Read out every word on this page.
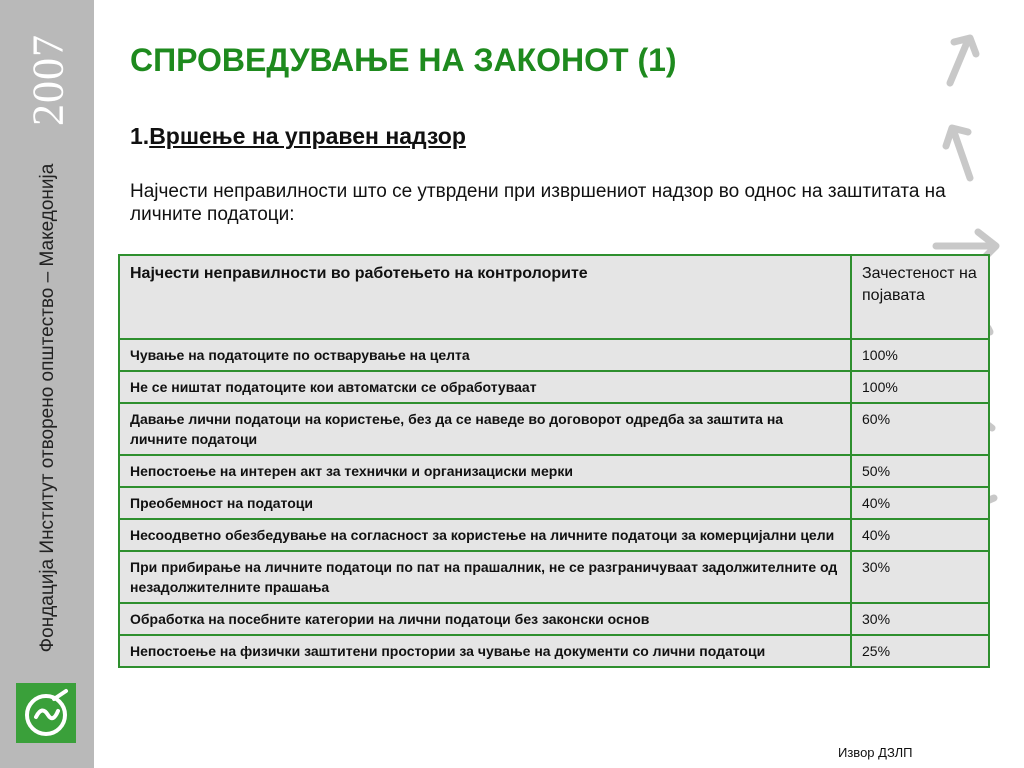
2007
Фондација Институт отворено општество – Македонија
СПРОВЕДУВАЊЕ НА ЗАКОНОТ (1)
1.Вршење на управен надзор
Најчести неправилности што се утврдени при извршениот надзор во однос на заштитата на личните податоци:
Најчести неправилности во работењето на контролорите	Зачестеност на појавата
Чување на податоците по остварување на целта	100%
Не се ништат податоците кои автоматски се обработуваат	100%
Давање лични податоци на користење, без да се наведе во договорот одредба за заштита на личните податоци	60%
Непостоење на интерен акт за технички и организациски мерки	50%
Преобемност на податоци	40%
Несоодветно обезбедување на согласност за користење на личните податоци за комерцијални цели	40%
При прибирање на личните податоци по пат на прашалник, не се разграничуваат задолжителните од незадолжителните прашања	30%
Обработка на посебните категории на лични податоци без законски основ	30%
Непостоење на физички заштитени простории за чување на документи со лични податоци	25%
Извор ДЗЛП
